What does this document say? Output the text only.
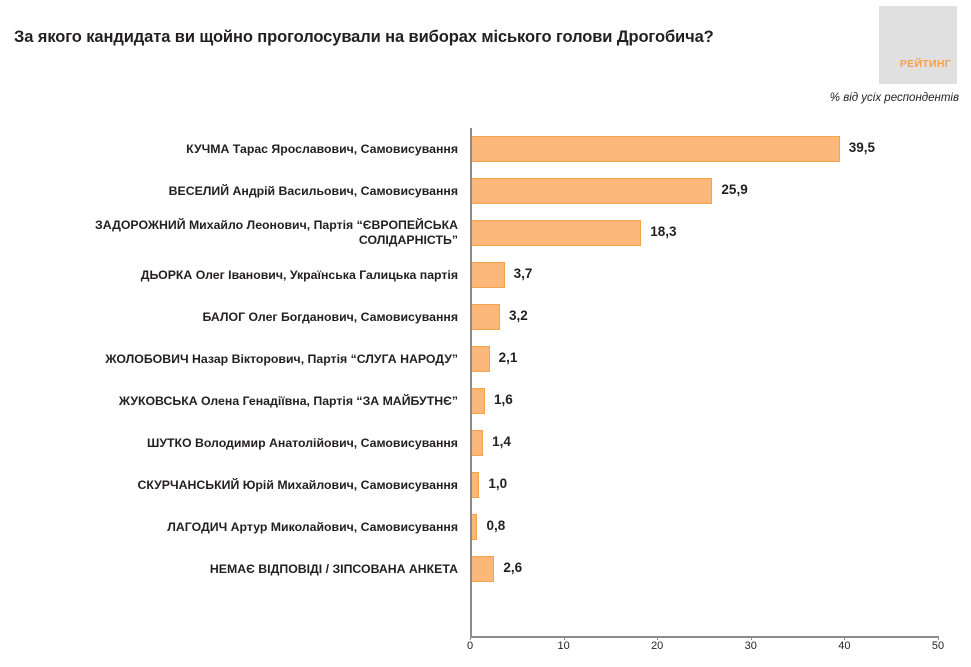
За якого кандидата ви щойно проголосували на виборах міського голови Дрогобича?
РЕЙТИНГ
% від усіх респондентів
КУЧМА Тарас Ярославович, Самовисування
ВЕСЕЛИЙ Андрій Васильович, Самовисування
ЗАДОРОЖНИЙ Михайло Леонович, Партія “ЄВРОПЕЙСЬКА СОЛІДАРНІСТЬ”
ДЬОРКА Олег Іванович, Українська Галицька партія
БАЛОГ Олег Богданович, Самовисування
ЖОЛОБОВИЧ Назар Вікторович, Партія “СЛУГА НАРОДУ”
ЖУКОВСЬКА Олена Генадіївна, Партія “ЗА МАЙБУТНЄ”
ШУТКО Володимир Анатолійович, Самовисування
СКУРЧАНСЬКИЙ Юрій Михайлович, Самовисування
ЛАГОДИЧ Артур Миколайович, Самовисування
НЕМАЄ ВІДПОВІДІ / ЗІПСОВАНА АНКЕТА
39,5
25,9
18,3
3,7
3,2
2,1
1,6
1,4
1,0
0,8
2,6
0	10	20	30	40	50
